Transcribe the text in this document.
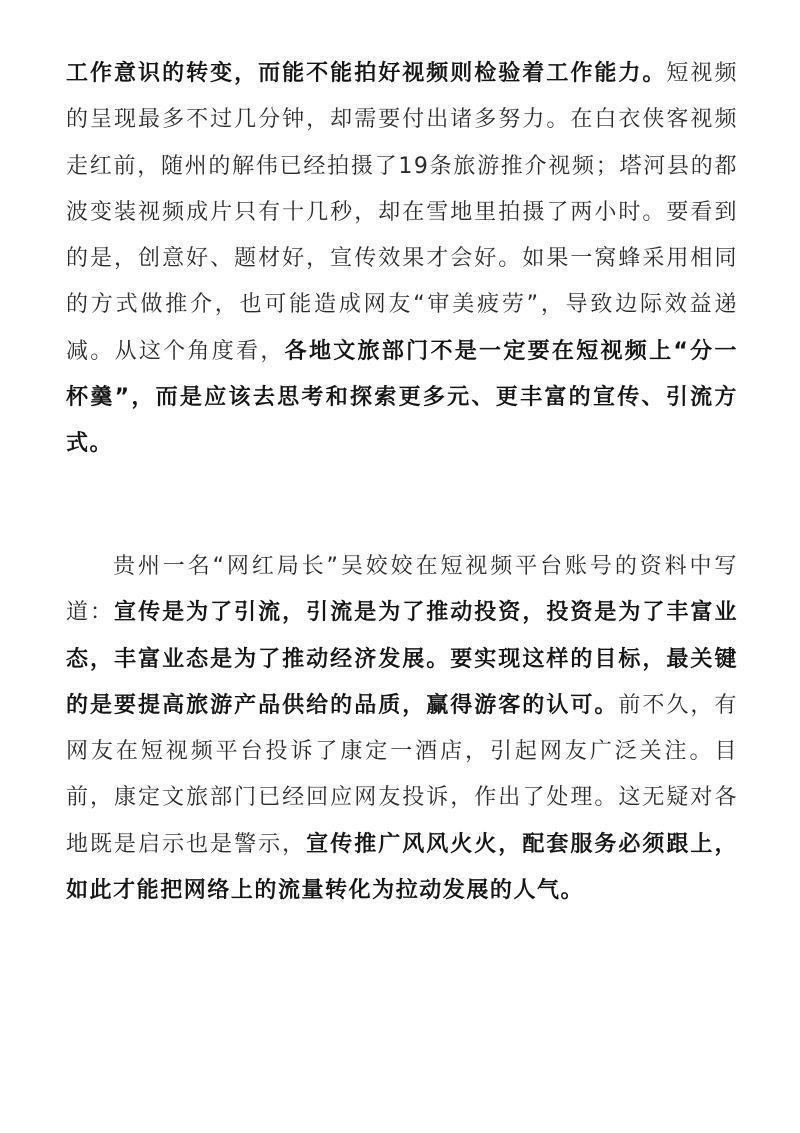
工作意识的转变，而能不能拍好视频则检验着工作能力。短视频的呈现最多不过几分钟，却需要付出诸多努力。在白衣侠客视频走红前，随州的解伟已经拍摄了19条旅游推介视频；塔河县的都波变装视频成片只有十几秒，却在雪地里拍摄了两小时。要看到的是，创意好、题材好，宣传效果才会好。如果一窝蜂采用相同的方式做推介，也可能造成网友“审美疲劳”，导致边际效益递减。从这个角度看，各地文旅部门不是一定要在短视频上“分一杯羹”，而是应该去思考和探索更多元、更丰富的宣传、引流方式。

贵州一名“网红局长”吴姣姣在短视频平台账号的资料中写道：宣传是为了引流，引流是为了推动投资，投资是为了丰富业态，丰富业态是为了推动经济发展。要实现这样的目标，最关键的是要提高旅游产品供给的品质，赢得游客的认可。前不久，有网友在短视频平台投诉了康定一酒店，引起网友广泛关注。目前，康定文旅部门已经回应网友投诉，作出了处理。这无疑对各地既是启示也是警示，宣传推广风风火火，配套服务必须跟上，如此才能把网络上的流量转化为拉动发展的人气。
